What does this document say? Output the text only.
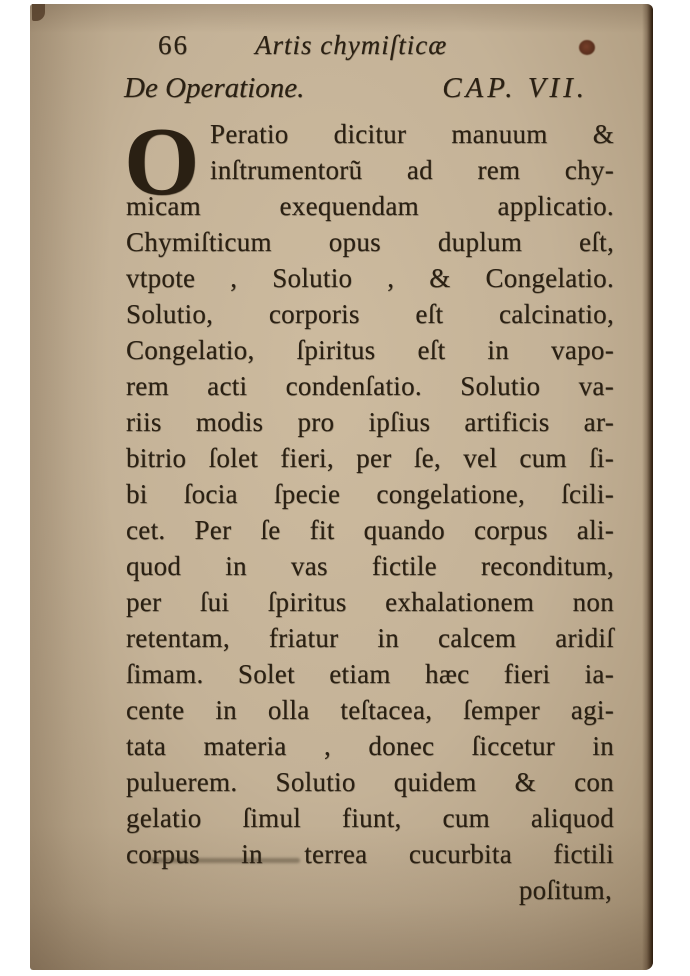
66 Artis chymiſticæ
De Operatione.	CAP. VII.
O Peratio dicitur manuum &
inſtrumentorũ ad rem chy-
micam exequendam applicatio.
Chymiſticum opus duplum eſt,
vtpote , Solutio , & Congelatio.
Solutio, corporis eſt calcinatio,
Congelatio, ſpiritus eſt in vapo-
rem acti condenſatio. Solutio va-
riis modis pro ipſius artificis ar-
bitrio ſolet fieri, per ſe, vel cum ſi-
bi ſocia ſpecie congelatione, ſcili-
cet. Per ſe fit quando corpus ali-
quod in vas fictile reconditum,
per ſui ſpiritus exhalationem non
retentam, friatur in calcem aridiſ
ſimam. Solet etiam hæc fieri ia-
cente in olla teſtacea, ſemper agi-
tata materia , donec ſiccetur in
puluerem. Solutio quidem & con
gelatio ſimul fiunt, cum aliquod
corpus in terrea cucurbita fictili
poſitum,
